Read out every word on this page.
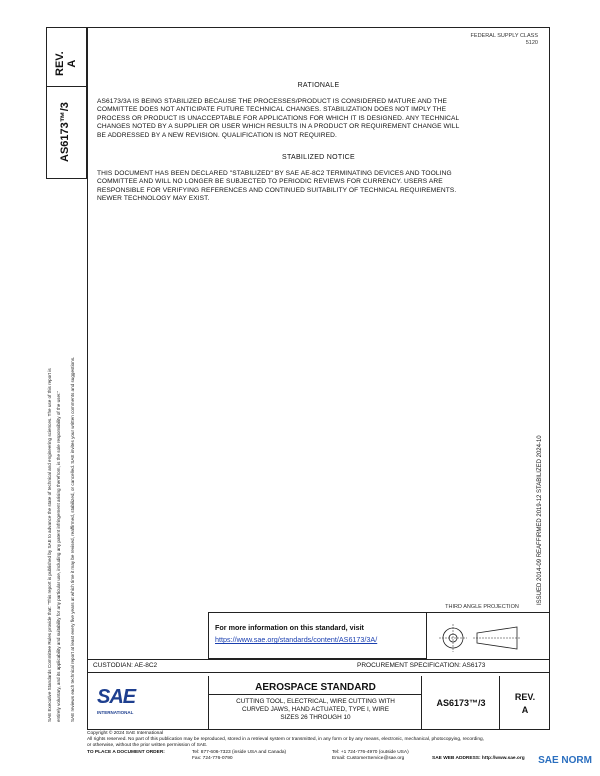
REV.
A
AS6173™/3
FEDERAL SUPPLY CLASS
5120
RATIONALE
AS6173/3A IS BEING STABILIZED BECAUSE THE PROCESSES/PRODUCT IS CONSIDERED MATURE AND THE
COMMITTEE DOES NOT ANTICIPATE FUTURE TECHNICAL CHANGES. STABILIZATION DOES NOT IMPLY THE
PROCESS OR PRODUCT IS UNACCEPTABLE FOR APPLICATIONS FOR WHICH IT IS DESIGNED. ANY TECHNICAL
CHANGES NOTED BY A SUPPLIER OR USER WHICH RESULTS IN A PRODUCT OR REQUIREMENT CHANGE WILL
BE ADDRESSED BY A NEW REVISION. QUALIFICATION IS NOT REQUIRED.
STABILIZED NOTICE
THIS DOCUMENT HAS BEEN DECLARED "STABILIZED" BY SAE AE-8C2 TERMINATING DEVICES AND TOOLING
COMMITTEE AND WILL NO LONGER BE SUBJECTED TO PERIODIC REVIEWS FOR CURRENCY. USERS ARE
RESPONSIBLE FOR VERIFYING REFERENCES AND CONTINUED SUITABILITY OF TECHNICAL REQUIREMENTS.
NEWER TECHNOLOGY MAY EXIST.
SAE Executive Standards Committee Rules provide that: "This report is published by SAE to advance the state of technical and engineering sciences. The use of this report is entirely voluntary, and its applicability and suitability for any particular use, including any patent infringement arising therefrom, is the sole responsibility of the user." SAE reviews each technical report at least every five years at which time it may be revised, reaffirmed, stabilized, or cancelled. SAE invites your written comments and suggestions.	ISSUED 2014-09 REAFFIRMED 2019-12 STABILIZED 2024-10
For more information on this standard, visit
https://www.sae.org/standards/content/AS6173/3A/
THIRD ANGLE PROJECTION
CUSTODIAN: AE-8C2	PROCUREMENT SPECIFICATION: AS6173
SAE
INTERNATIONAL
AEROSPACE STANDARD
CUTTING TOOL, ELECTRICAL, WIRE CUTTING WITH
CURVED JAWS, HAND ACTUATED, TYPE I, WIRE
SIZES 26 THROUGH 10
AS6173™/3
REV.
A
Copyright © 2024 SAE International
All rights reserved. No part of this publication may be reproduced, stored in a retrieval system or transmitted, in any form or by any means, electronic, mechanical, photocopying, recording,
or otherwise, without the prior written permission of SAE.
TO PLACE A DOCUMENT ORDER:	Tel: 877-606-7323 (inside USA and Canada)	Tel: +1 724-776-4970 (outside USA)
Fax: 724-776-0790	Email: CustomerService@sae.org	SAE WEB ADDRESS: http://www.sae.org SAE NORM
